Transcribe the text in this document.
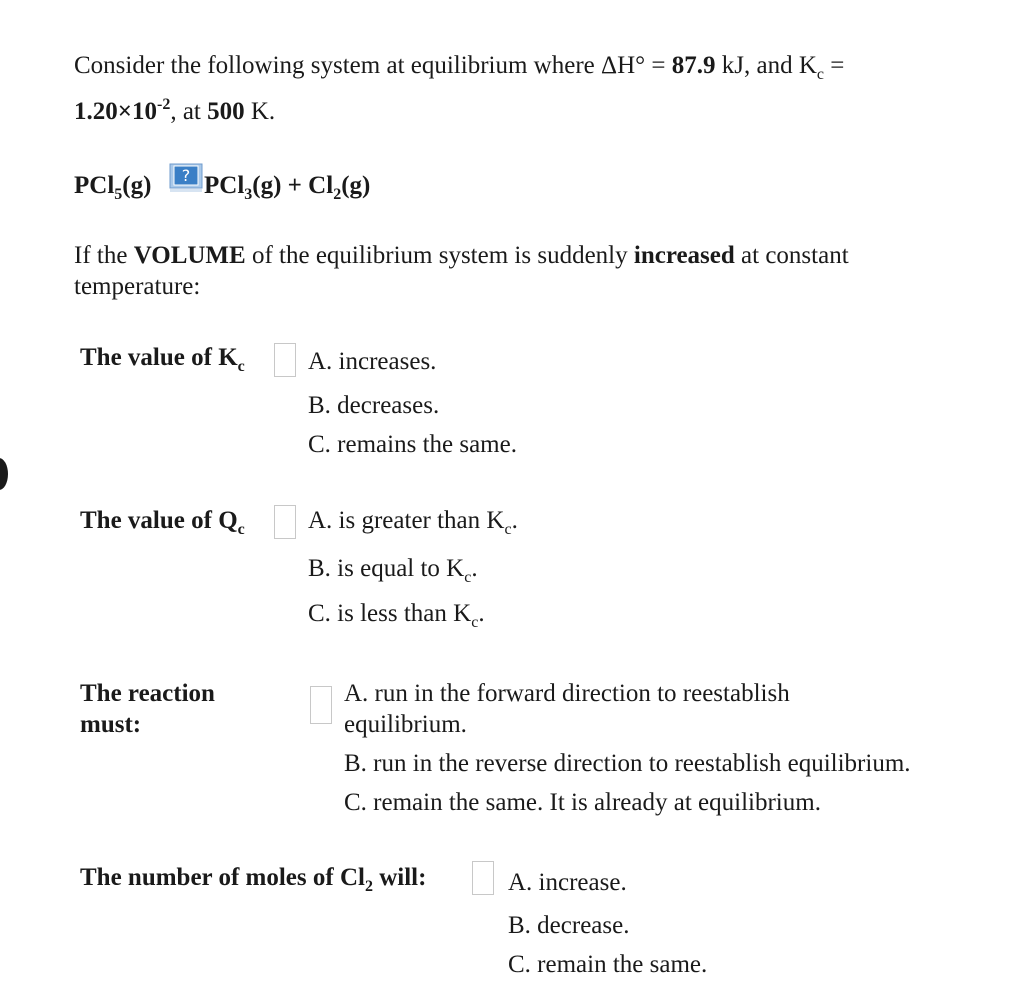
Consider the following system at equilibrium where ΔH° = 87.9 kJ, and $K_c$ =
$1.20\times 10^{-2}$, at 500 K.
PCl$_5$(g) ? $PCl_3(g) + Cl_2(g)$
If the VOLUME of the equilibrium system is suddenly increased at constant
temperature:
The value of $K_c$	A. increases.
B. decreases.
C. remains the same.
The value of $Q_c$	A. is greater than $K_c$.
B. is equal to $K_c$.
C. is less than $K_c$.
The reaction
must:
A. run in the forward direction to reestablish
equilibrium.
B. run in the reverse direction to reestablish equilibrium.
C. remain the same. It is already at equilibrium.
The number of moles of $Cl_2$ will:	A. increase.
B. decrease.
C. remain the same.
